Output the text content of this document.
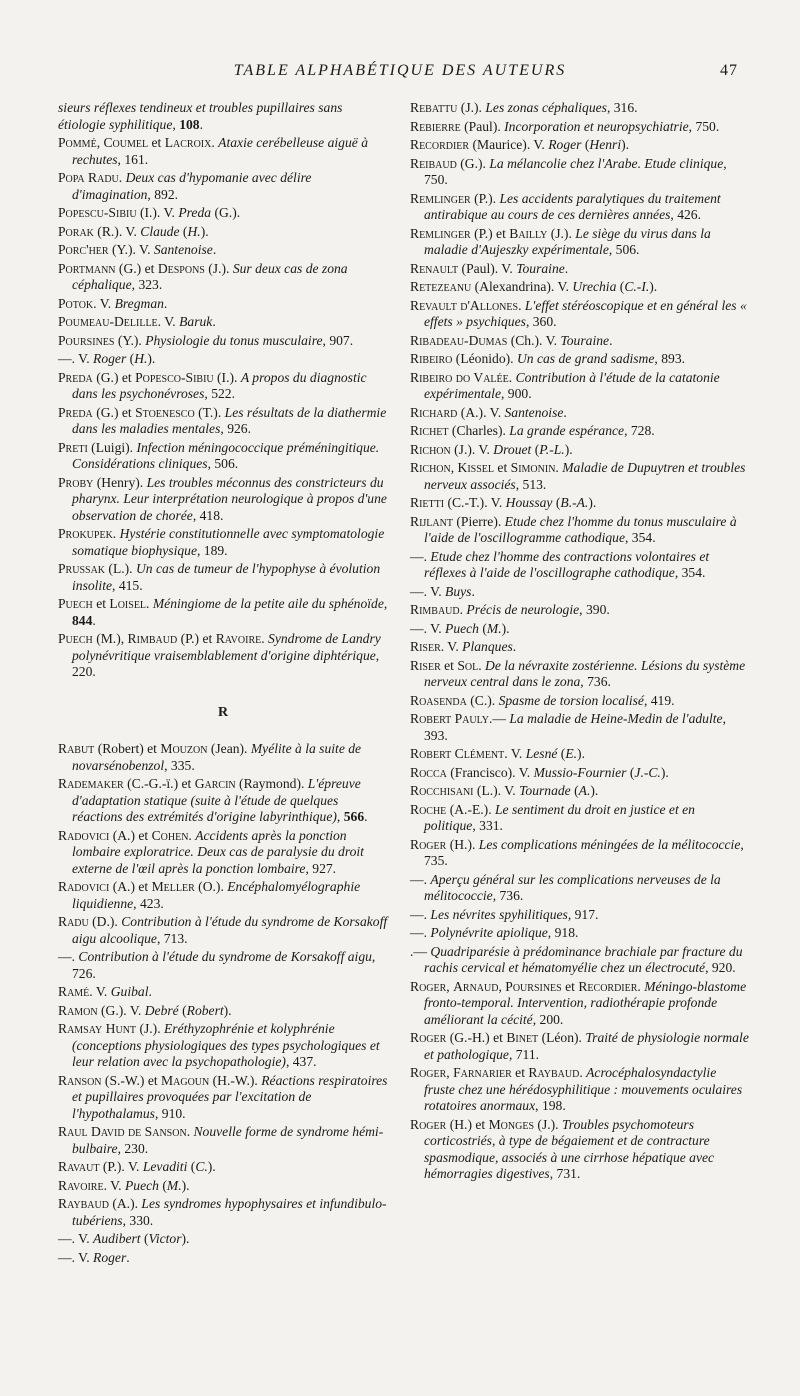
TABLE ALPHABÉTIQUE DES AUTEURS	47
sieurs réflexes tendineux et troubles pupillaires sans étiologie syphilitique, 108.
Pommé, Coumel et Lacroix. Ataxie cerébelleuse aiguë à rechutes, 161.
Popa Radu. Deux cas d'hypomanie avec délire d'imagination, 892.
Popescu-Sibiu (I.). V. Preda (G.).
Porak (R.). V. Claude (H.).
Porc'her (Y.). V. Santenoise.
Portmann (G.) et Despons (J.). Sur deux cas de zona céphalique, 323.
Potok. V. Bregman.
Poumeau-Delille. V. Baruk.
Poursines (Y.). Physiologie du tonus musculaire, 907.
—. V. Roger (H.).
Preda (G.) et Popesco-Sibiu (I.). A propos du diagnostic dans les psychonévroses, 522.
Preda (G.) et Stoenesco (T.). Les résultats de la diathermie dans les maladies mentales, 926.
Preti (Luigi). Infection méningococcique préméningitique. Considérations cliniques, 506.
Proby (Henry). Les troubles méconnus des constricteurs du pharynx. Leur interprétation neurologique à propos d'une observation de chorée, 418.
Prokupek. Hystérie constitutionnelle avec symptomatologie somatique biophysique, 189.
Prussak (L.). Un cas de tumeur de l'hypophyse à évolution insolite, 415.
Puech et Loisel. Méningiome de la petite aile du sphénoïde, 844.
Puech (M.), Rimbaud (P.) et Ravoire. Syndrome de Landry polynévritique vraisemblablement d'origine diphtérique, 220.
R
Rabut (Robert) et Mouzon (Jean). Myélite à la suite de novarsénobenzol, 335.
Rademaker (C.-G.-ï.) et Garcin (Raymond). L'épreuve d'adaptation statique (suite à l'étude de quelques réactions des extrémités d'origine labyrinthique), 566.
Radovici (A.) et Cohen. Accidents après la ponction lombaire exploratrice. Deux cas de paralysie du droit externe de l'œil après la ponction lombaire, 927.
Radovici (A.) et Meller (O.). Encéphalomyélographie liquidienne, 423.
Radu (D.). Contribution à l'étude du syndrome de Korsakoff aigu alcoolique, 713.
—. Contribution à l'étude du syndrome de Korsakoff aigu, 726.
Ramé. V. Guibal.
Ramon (G.). V. Debré (Robert).
Ramsay Hunt (J.). Eréthyzophrénie et kolyphrénie (conceptions physiologiques des types psychologiques et leur relation avec la psychopathologie), 437.
Ranson (S.-W.) et Magoun (H.-W.). Réactions respiratoires et pupillaires provoquées par l'excitation de l'hypothalamus, 910.
Raul David de Sanson. Nouvelle forme de syndrome hémi-bulbaire, 230.
Ravaut (P.). V. Levaditi (C.).
Ravoire. V. Puech (M.).
Raybaud (A.). Les syndromes hypophysaires et infundibulo-tubériens, 330.
—. V. Audibert (Victor).
—. V. Roger.
Rebattu (J.). Les zonas céphaliques, 316.
Rebierre (Paul). Incorporation et neuropsychiatrie, 750.
Recordier (Maurice). V. Roger (Henri).
Reibaud (G.). La mélancolie chez l'Arabe. Etude clinique, 750.
Remlinger (P.). Les accidents paralytiques du traitement antirabique au cours de ces dernières années, 426.
Remlinger (P.) et Bailly (J.). Le siège du virus dans la maladie d'Aujeszky expérimentale, 506.
Renault (Paul). V. Touraine.
Retezeanu (Alexandrina). V. Urechia (C.-I.).
Revault d'Allones. L'effet stéréoscopique et en général les « effets » psychiques, 360.
Ribadeau-Dumas (Ch.). V. Touraine.
Ribeiro (Léonido). Un cas de grand sadisme, 893.
Ribeiro do Valée. Contribution à l'étude de la catatonie expérimentale, 900.
Richard (A.). V. Santenoise.
Richet (Charles). La grande espérance, 728.
Richon (J.). V. Drouet (P.-L.).
Richon, Kissel et Simonin. Maladie de Dupuytren et troubles nerveux associés, 513.
Rietti (C.-T.). V. Houssay (B.-A.).
Rijlant (Pierre). Etude chez l'homme du tonus musculaire à l'aide de l'oscillogramme cathodique, 354.
—. Etude chez l'homme des contractions volontaires et réflexes à l'aide de l'oscillographe cathodique, 354.
—. V. Buys.
Rimbaud. Précis de neurologie, 390.
—. V. Puech (M.).
Riser. V. Planques.
Riser et Sol. De la névraxite zostérienne. Lésions du système nerveux central dans le zona, 736.
Roasenda (C.). Spasme de torsion localisé, 419.
Robert Pauly.— La maladie de Heine-Medin de l'adulte, 393.
Robert Clément. V. Lesné (E.).
Rocca (Francisco). V. Mussio-Fournier (J.-C.).
Rocchisani (L.). V. Tournade (A.).
Roche (A.-E.). Le sentiment du droit en justice et en politique, 331.
Roger (H.). Les complications méningées de la mélitococcie, 735.
—. Aperçu général sur les complications nerveuses de la mélitococcie, 736.
—. Les névrites spyhilitiques, 917.
—. Polynévrite apiolique, 918.
.— Quadriparésie à prédominance brachiale par fracture du rachis cervical et hématomyélie chez un électrocuté, 920.
Roger, Arnaud, Poursines et Recordier. Méningo-blastome fronto-temporal. Intervention, radiothérapie profonde améliorant la cécité, 200.
Roger (G.-H.) et Binet (Léon). Traité de physiologie normale et pathologique, 711.
Roger, Farnarier et Raybaud. Acrocéphalosyndactylie fruste chez une hérédosyphilitique : mouvements oculaires rotatoires anormaux, 198.
Roger (H.) et Monges (J.). Troubles psychomoteurs corticostriés, à type de bégaiement et de contracture spasmodique, associés à une cirrhose hépatique avec hémorragies digestives, 731.
